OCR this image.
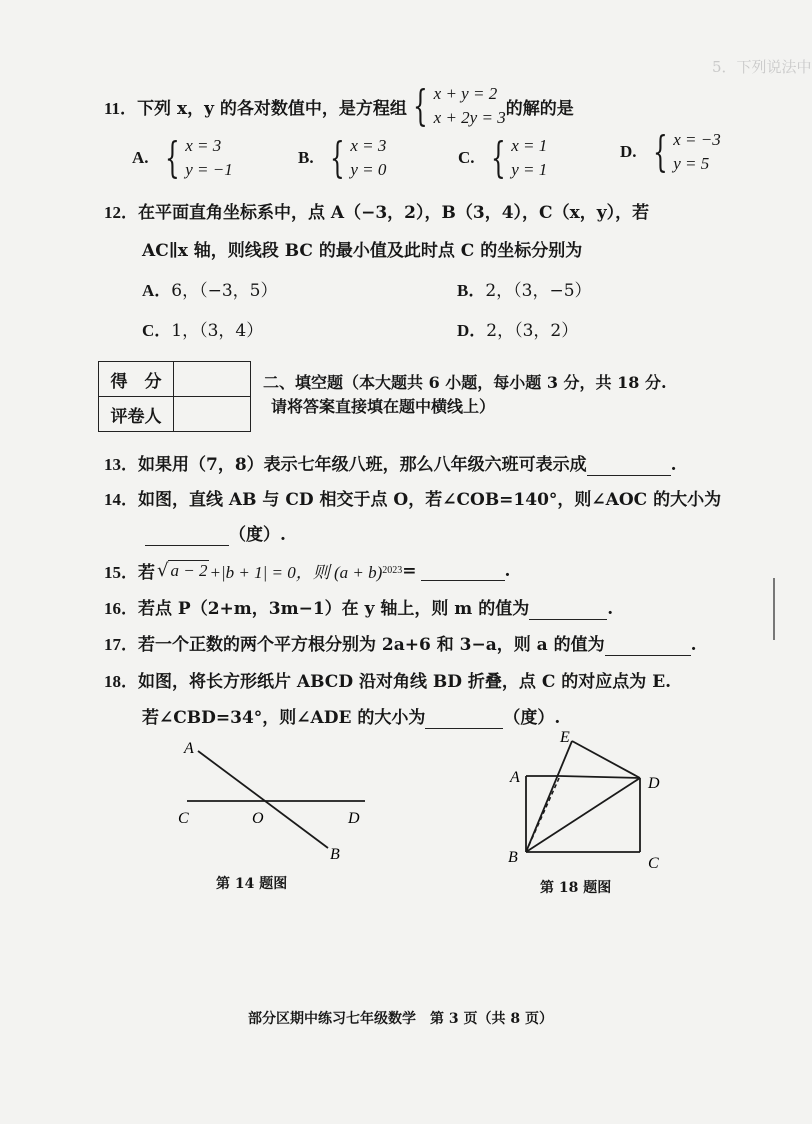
5．下列说法中
11． 下列 x，y 的各对数值中，是方程组 { x + y = 2
x + 2y = 3 的解的是
A. { x = 3
y = −1
B. { x = 3
y = 0
C. { x = 1
y = 1
D. { x = −3
y = 5
12．在平面直角坐标系中，点 A（−3，2），B（3，4），C（x，y），若
AC∥x 轴，则线段 BC 的最小值及此时点 C 的坐标分别为
A．6，（−3，5）	B．2，（3，−5）
C．1，（3，4）	D．2，（3，2）
得　分	
评卷人	
二、填空题（本大题共 6 小题，每小题 3 分，共 18 分.
请将答案直接填在题中横线上）
13．如果用（7，8）表示七年级八班，那么八年级六班可表示成	.
14．如图，直线 AB 与 CD 相交于点 O，若∠COB=140°，则∠AOC 的大小为
（度）.
15． 若 √ a − 2 +|b + 1| = 0，则 (a + b) 2023 =
	.
16．若点 P（2+m，3m−1）在 y 轴上，则 m 的值为	.
17．若一个正数的两个平方根分别为 2a+6 和 3−a，则 a 的值为	.
18．如图，将长方形纸片 ABCD 沿对角线 BD 折叠，点 C 的对应点为 E.
若∠CBD=34°，则∠ADE 的大小为	（度）.
A
B
C	D
O
第 14 题图
E
A	D
B	C
第 18 题图
部分区期中练习七年级数学　第 3 页（共 8 页）
